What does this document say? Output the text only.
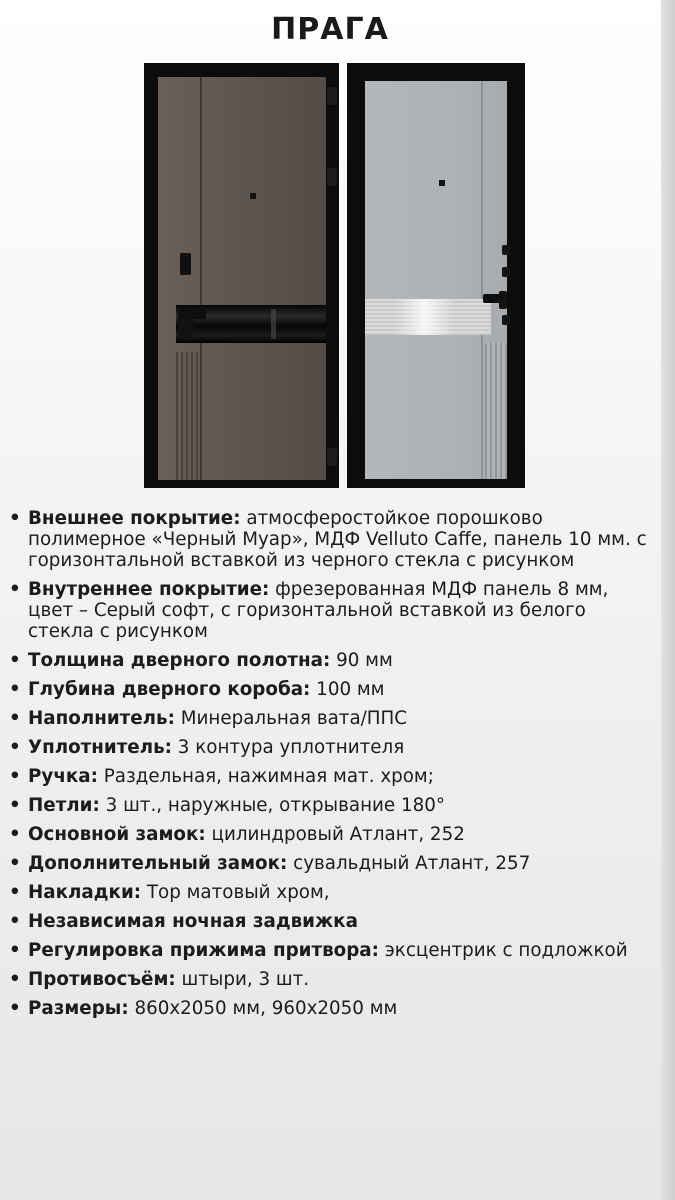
ПРАГА
• Внешнее покрытие: атмосферостойкое порошково полимерное «Черный Муар», МДФ Velluto Caffe, панель 10 мм. с горизонтальной вставкой из черного стекла с рисунком
• Внутреннее покрытие: фрезерованная МДФ панель 8 мм, цвет – Серый софт, с горизонтальной вставкой из белого стекла с рисунком
• Толщина дверного полотна: 90 мм
• Глубина дверного короба: 100 мм
• Наполнитель: Минеральная вата/ППС
• Уплотнитель: 3 контура уплотнителя
• Ручка: Раздельная, нажимная мат. хром;
• Петли: 3 шт., наружные, открывание 180°
• Основной замок: цилиндровый Атлант, 252
• Дополнительный замок: сувальдный Атлант, 257
• Накладки: Тор матовый хром,
• Независимая ночная задвижка
• Регулировка прижима притвора: эксцентрик с подложкой
• Противосъём: штыри, 3 шт.
• Размеры: 860х2050 мм, 960х2050 мм
